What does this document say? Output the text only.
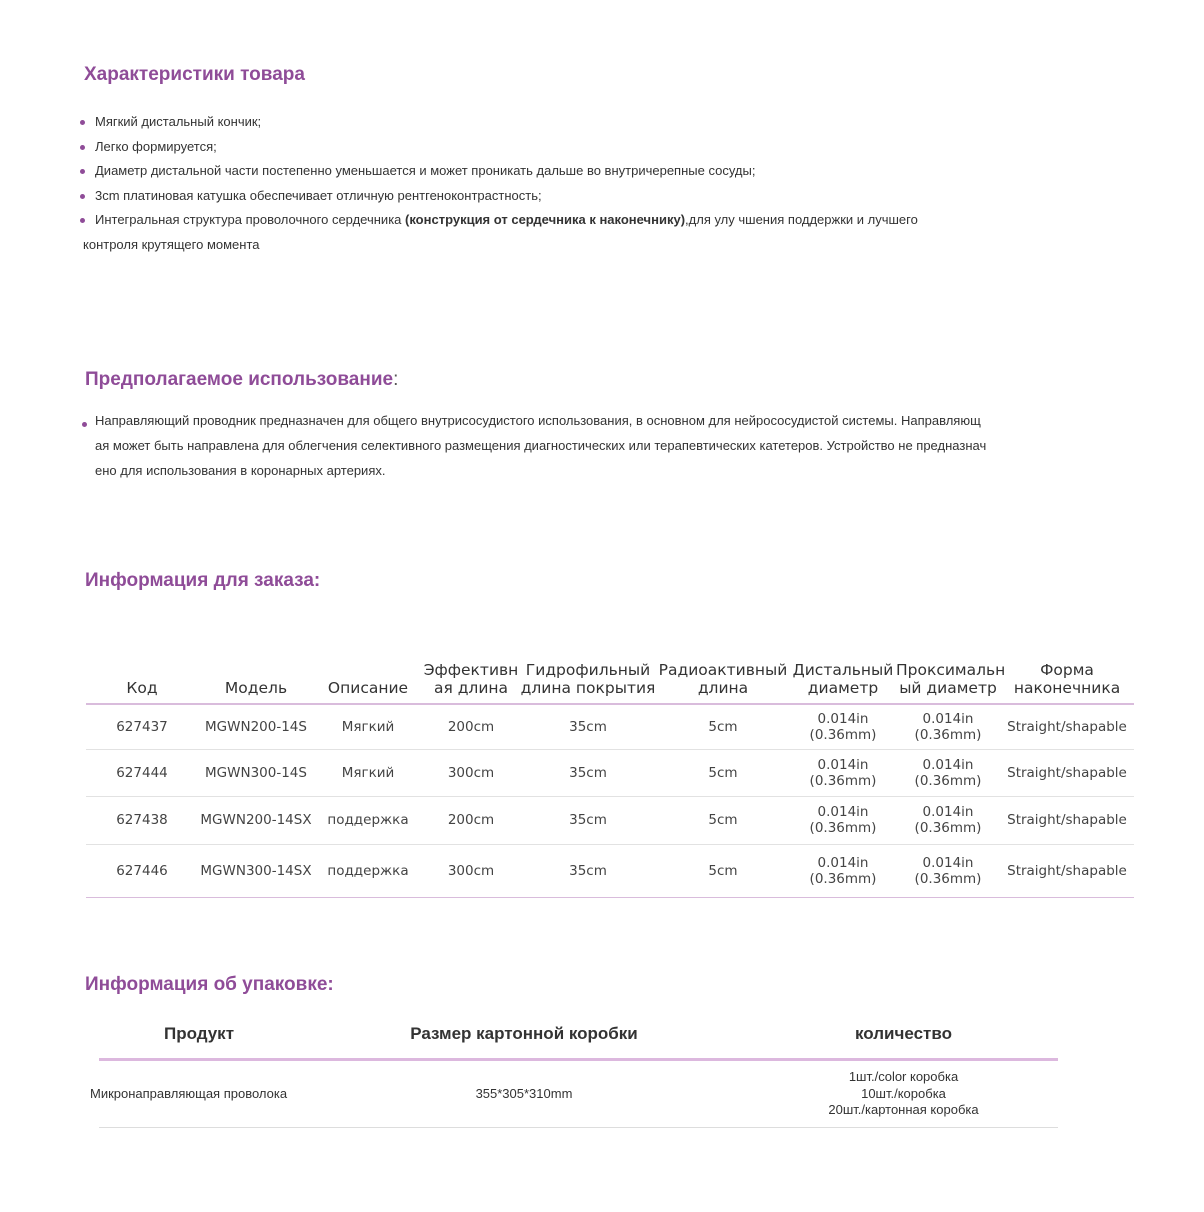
Характеристики товара
Мягкий дистальный кончик;
Легко формируется;
Диаметр дистальной части постепенно уменьшается и может проникать дальше во внутричерепные сосуды;
3cm платиновая катушка обеспечивает отличную рентгеноконтрастность;
Интегральная структура проволочного сердечника (конструкция от сердечника к наконечнику),для улу чшения поддержки и лучшего
контроля крутящего момента
Предполагаемое использование:
Направляющий проводник предназначен для общего внутрисосудистого использования, в основном для нейрососудистой системы. Направляющ
ая может быть направлена для облегчения селективного размещения диагностических или терапевтических катетеров. Устройство не предназнач
ено для использования в коронарных артериях.
Информация для заказа:
Код	Модель	Описание	Эффективн
ая длина	Гидрофильный
длина покрытия	Радиоактивный
длина	Дистальный
диаметр	Проксимальн
ый диаметр	Форма
наконечника

627437	MGWN200-14S	Мягкий	200cm	35cm	5cm	0.014in
(0.36mm)	0.014in
(0.36mm)	Straight/shapable
627444	MGWN300-14S	Мягкий	300cm	35cm	5cm	0.014in
(0.36mm)	0.014in
(0.36mm)	Straight/shapable
627438	MGWN200-14SX	поддержка	200cm	35cm	5cm	0.014in
(0.36mm)	0.014in
(0.36mm)	Straight/shapable
627446	MGWN300-14SX	поддержка	300cm	35cm	5cm	0.014in
(0.36mm)	0.014in
(0.36mm)	Straight/shapable
Информация об упаковке:
	Продукт	Размер картонной коробки	количество

	Микронаправляющая проволока	355*305*310mm	1шт./color коробка
10шт./коробка
20шт./картонная коробка
